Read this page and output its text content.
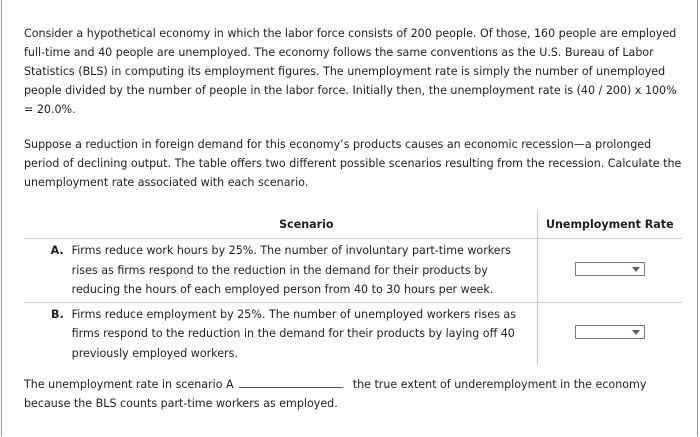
Consider a hypothetical economy in which the labor force consists of 200 people. Of those, 160 people are employed full-time and 40 people are unemployed. The economy follows the same conventions as the U.S. Bureau of Labor Statistics (BLS) in computing its employment figures. The unemployment rate is simply the number of unemployed people divided by the number of people in the labor force. Initially then, the unemployment rate is (40 / 200) x 100% = 20.0%.

Suppose a reduction in foreign demand for this economy’s products causes an economic recession—a prolonged period of declining output. The table offers two different possible scenarios resulting from the recession. Calculate the unemployment rate associated with each scenario.

Scenario		Unemployment Rate
A.	Firms reduce work hours by 25%. The number of involuntary part-time workers rises as firms respond to the reduction in the demand for their products by reducing the hours of each employed person from 40 to 30 hours per week.	

B.	Firms reduce employment by 25%. The number of unemployed workers rises as firms respond to the reduction in the demand for their products by laying off 40 previously employed workers.	

The unemployment rate in scenario A	the true extent of underemployment in the economy because the BLS counts part-time workers as employed.
